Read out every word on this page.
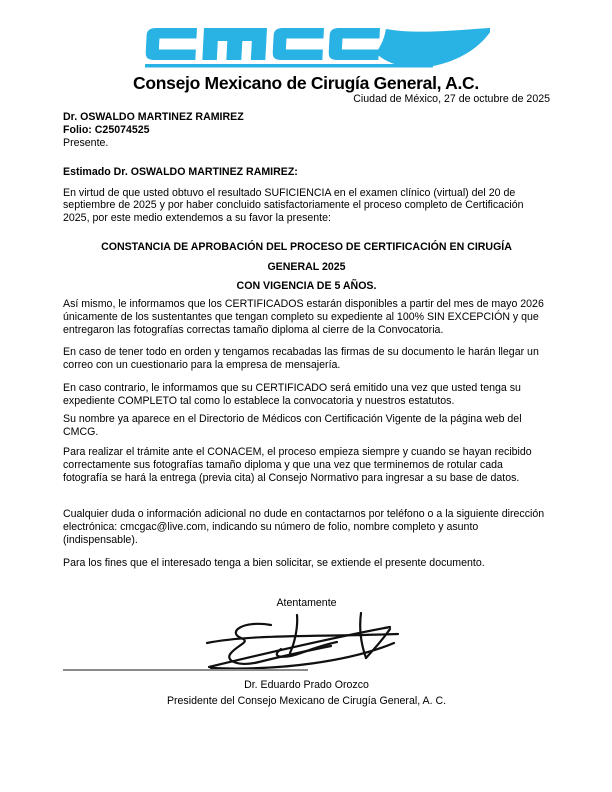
Consejo Mexicano de Cirugía General, A.C.

Ciudad de México, 27 de octubre de 2025

Dr. OSWALDO MARTINEZ RAMIREZ

Folio: C25074525

Presente.

Estimado Dr. OSWALDO MARTINEZ RAMIREZ:

En virtud de que usted obtuvo el resultado SUFICIENCIA en el examen clínico (virtual) del 20 de septiembre de 2025 y por haber concluido satisfactoriamente el proceso completo de Certificación 2025, por este medio extendemos a su favor la presente:

CONSTANCIA DE APROBACIÓN DEL PROCESO DE CERTIFICACIÓN EN CIRUGÍA
GENERAL 2025
CON VIGENCIA DE 5 AÑOS.

Así mismo, le informamos que los CERTIFICADOS estarán disponibles a partir del mes de mayo 2026 únicamente de los sustentantes que tengan completo su expediente al 100% SIN EXCEPCIÓN y que entregaron las fotografías correctas tamaño diploma al cierre de la Convocatoria.

En caso de tener todo en orden y tengamos recabadas las firmas de su documento le harán llegar un correo con un cuestionario para la empresa de mensajería.

En caso contrario, le informamos que su CERTIFICADO será emitido una vez que usted tenga su expediente COMPLETO tal como lo establece la convocatoria y nuestros estatutos.

Su nombre ya aparece en el Directorio de Médicos con Certificación Vigente de la página web del CMCG.

Para realizar el trámite ante el CONACEM, el proceso empieza siempre y cuando se hayan recibido correctamente sus fotografías tamaño diploma y que una vez que terminemos de rotular cada fotografía se hará la entrega (previa cita) al Consejo Normativo para ingresar a su base de datos.

Cualquier duda o información adicional no dude en contactarnos por teléfono o a la siguiente dirección electrónica: cmcgac@live.com, indicando su número de folio, nombre completo y asunto (indispensable).

Para los fines que el interesado tenga a bien solicitar, se extiende el presente documento.

Atentamente
Dr. Eduardo Prado Orozco
Presidente del Consejo Mexicano de Cirugía General, A. C.
